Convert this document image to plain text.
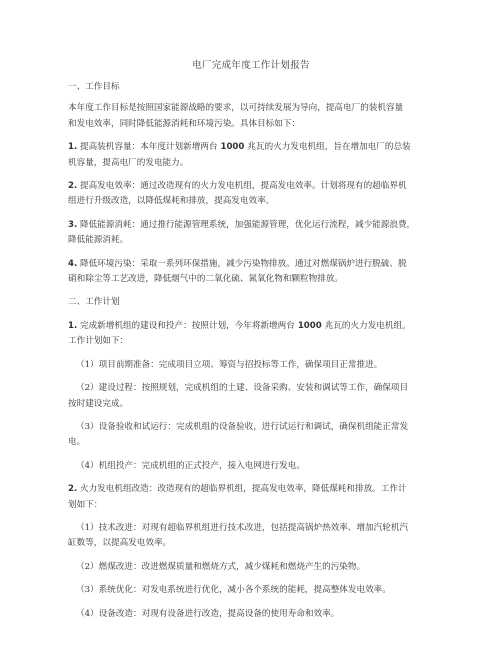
电厂完成年度工作计划报告

一、工作目标

本年度工作目标是按照国家能源战略的要求，以可持续发展为导向，提高电厂的装机容量

和发电效率，同时降低能源消耗和环境污染。具体目标如下：

1. 提高装机容量：本年度计划新增两台 1000 兆瓦的火力发电机组，旨在增加电厂的总装

机容量，提高电厂的发电能力。

2. 提高发电效率：通过改造现有的火力发电机组，提高发电效率。计划将现有的超临界机

组进行升级改造，以降低煤耗和排放，提高发电效率。

3. 降低能源消耗：通过推行能源管理系统，加强能源管理，优化运行流程，减少能源浪费，

降低能源消耗。

4. 降低环境污染：采取一系列环保措施，减少污染物排放。通过对燃煤锅炉进行脱硫、脱

硝和除尘等工艺改进，降低烟气中的二氧化硫、氮氧化物和颗粒物排放。

二、工作计划

1. 完成新增机组的建设和投产：按照计划，今年将新增两台 1000 兆瓦的火力发电机组。

工作计划如下：

（1）项目前期准备：完成项目立项、筹资与招投标等工作，确保项目正常推进。

（2）建设过程：按照规划，完成机组的土建、设备采购、安装和调试等工作，确保项目

按时建设完成。

（3）设备验收和试运行：完成机组的设备验收，进行试运行和调试，确保机组能正常发

电。

（4）机组投产：完成机组的正式投产，接入电网进行发电。

2. 火力发电机组改造：改造现有的超临界机组，提高发电效率，降低煤耗和排放。工作计

划如下：

（1）技术改进：对现有超临界机组进行技术改进，包括提高锅炉热效率、增加汽轮机汽

缸数等，以提高发电效率。

（2）燃煤改进：改进燃煤质量和燃烧方式，减少煤耗和燃烧产生的污染物。

（3）系统优化：对发电系统进行优化，减小各个系统的能耗，提高整体发电效率。

（4）设备改造：对现有设备进行改造，提高设备的使用寿命和效率。
